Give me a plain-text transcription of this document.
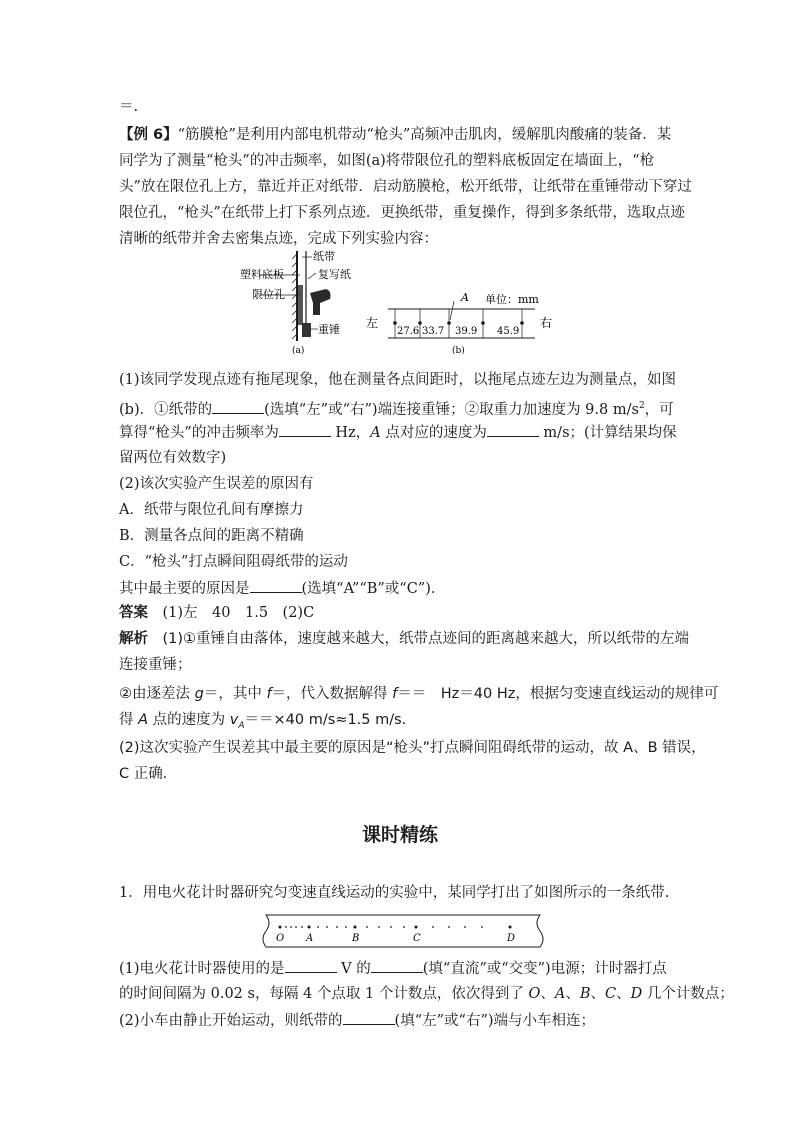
＝.
【例 6】“筋膜枪”是利用内部电机带动“枪头”高频冲击肌肉，缓解肌肉酸痛的装备．某
同学为了测量“枪头”的冲击频率，如图(a)将带限位孔的塑料底板固定在墙面上，“枪
头”放在限位孔上方，靠近并正对纸带．启动筋膜枪，松开纸带，让纸带在重锤带动下穿过
限位孔，“枪头”在纸带上打下系列点迹．更换纸带，重复操作，得到多条纸带，选取点迹
清晰的纸带并舍去密集点迹，完成下列实验内容：
纸带
塑料底板	复写纸
限位孔
重锤
(a)
左	右
A 单位：mm
27.6 33.7 39.9 45.9
(b)
(1)该同学发现点迹有拖尾现象，他在测量各点间距时，以拖尾点迹左边为测量点，如图
(b)．①纸带的	(选填“左”或“右”)端连接重锤；②取重力加速度为 9.8 $m/s^2$，可
算得“枪头”的冲击频率为	Hz，A 点对应的速度为	m/s；(计算结果均保
留两位有效数字)
(2)该次实验产生误差的原因有
A．纸带与限位孔间有摩擦力
B．测量各点间的距离不精确
C．“枪头”打点瞬间阻碍纸带的运动
其中最主要的原因是	(选填“A”“B”或“C”)．
答案　 (1)左　40　1.5　(2)C
解析　 (1)①重锤自由落体，速度越来越大，纸带点迹间的距离越来越大，所以纸带的左端
连接重锤；
②由逐差法 g＝，其中 f＝，代入数据解得 f＝＝　Hz＝40 Hz，根据匀变速直线运动的规律可
得 A 点的速度为 $v_A==\times 40$ m/s≈1.5 m/s.
(2)这次实验产生误差其中最主要的原因是“枪头”打点瞬间阻碍纸带的运动，故 A、B 错误，
C 正确．
课时精练
1．用电火花计时器研究匀变速直线运动的实验中，某同学打出了如图所示的一条纸带.
O A	B	C	D
(1)电火花计时器使用的是	V 的	(填“直流”或“交变”)电源；计时器打点
的时间间隔为 0.02 s，每隔 4 个点取 1 个计数点，依次得到了 O、A、B、C、D 几个计数点；
(2)小车由静止开始运动，则纸带的	(填“左”或“右”)端与小车相连；
